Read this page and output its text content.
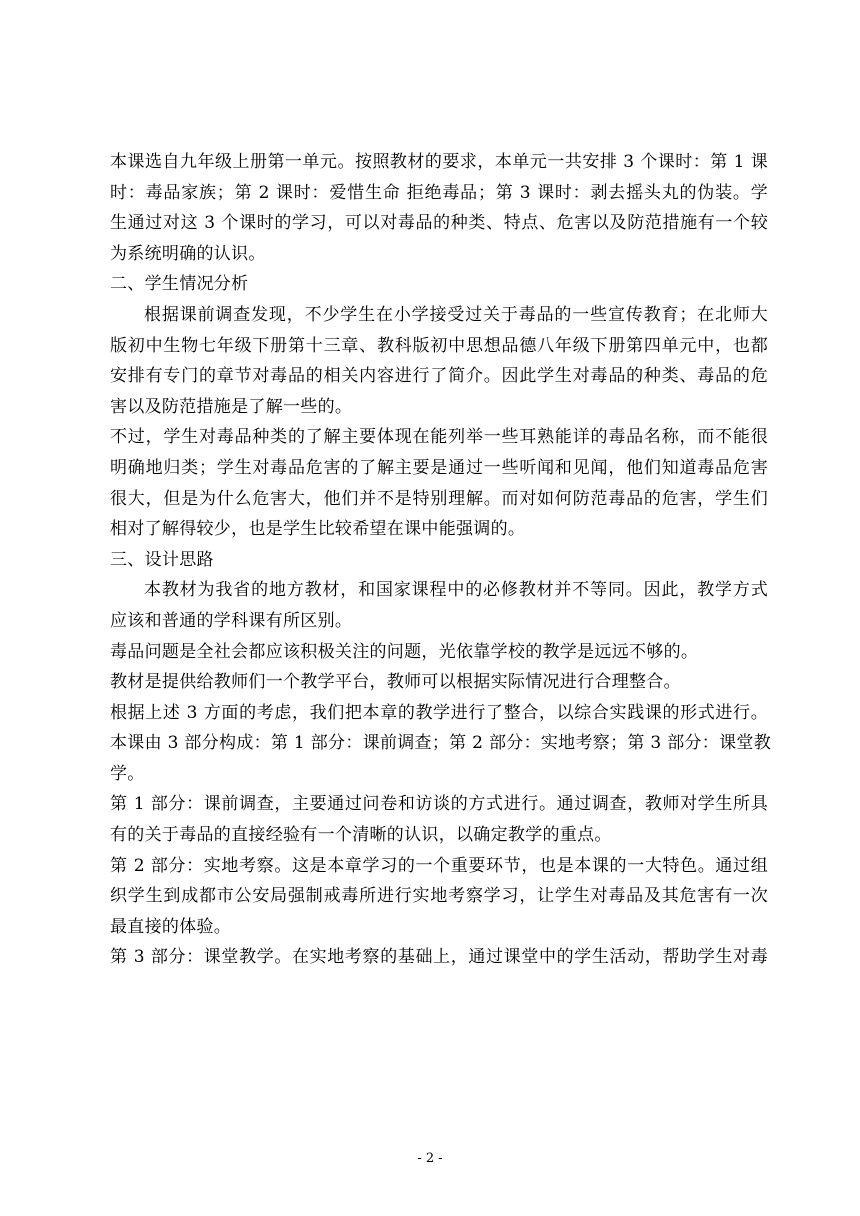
本课选自九年级上册第一单元。按照教材的要求，本单元一共安排 3 个课时：第 1 课
时：毒品家族；第 2 课时：爱惜生命 拒绝毒品；第 3 课时：剥去摇头丸的伪装。学
生通过对这 3 个课时的学习，可以对毒品的种类、特点、危害以及防范措施有一个较
为系统明确的认识。
二、学生情况分析
根据课前调查发现，不少学生在小学接受过关于毒品的一些宣传教育；在北师大
版初中生物七年级下册第十三章、教科版初中思想品德八年级下册第四单元中，也都
安排有专门的章节对毒品的相关内容进行了简介。因此学生对毒品的种类、毒品的危
害以及防范措施是了解一些的。
不过，学生对毒品种类的了解主要体现在能列举一些耳熟能详的毒品名称，而不能很
明确地归类；学生对毒品危害的了解主要是通过一些听闻和见闻，他们知道毒品危害
很大，但是为什么危害大，他们并不是特别理解。而对如何防范毒品的危害，学生们
相对了解得较少，也是学生比较希望在课中能强调的。
三、设计思路
本教材为我省的地方教材，和国家课程中的必修教材并不等同。因此，教学方式
应该和普通的学科课有所区别。
毒品问题是全社会都应该积极关注的问题，光依靠学校的教学是远远不够的。
教材是提供给教师们一个教学平台，教师可以根据实际情况进行合理整合。
根据上述 3 方面的考虑，我们把本章的教学进行了整合，以综合实践课的形式进行。
本课由 3 部分构成：第 1 部分：课前调查；第 2 部分：实地考察；第 3 部分：课堂教
学。
第 1 部分：课前调查，主要通过问卷和访谈的方式进行。通过调查，教师对学生所具
有的关于毒品的直接经验有一个清晰的认识，以确定教学的重点。
第 2 部分：实地考察。这是本章学习的一个重要环节，也是本课的一大特色。通过组
织学生到成都市公安局强制戒毒所进行实地考察学习，让学生对毒品及其危害有一次
最直接的体验。
第 3 部分：课堂教学。在实地考察的基础上，通过课堂中的学生活动，帮助学生对毒
- 2 -
